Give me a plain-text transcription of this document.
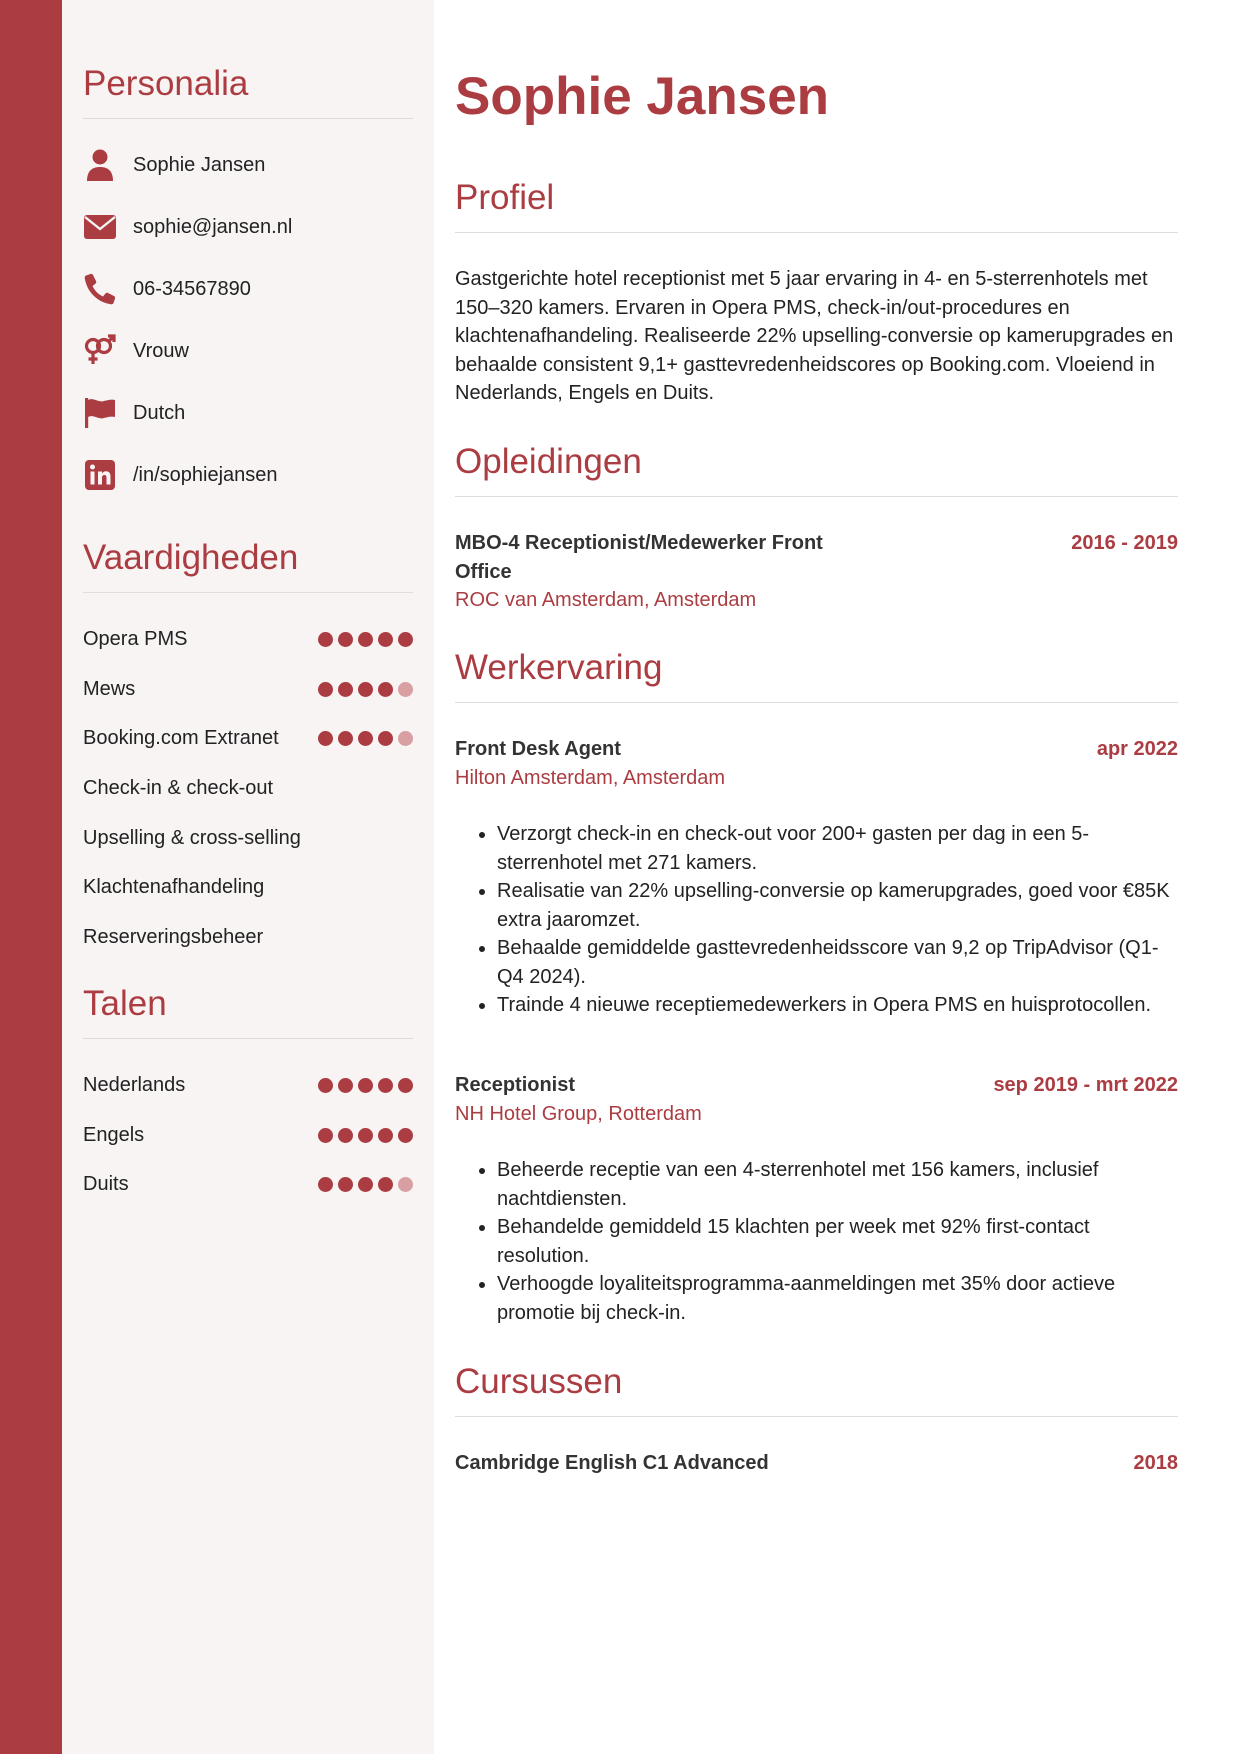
Personalia
Sophie Jansen
sophie@jansen.nl
06-34567890
Vrouw
Dutch
/in/sophiejansen
Vaardigheden
Opera PMS
Mews
Booking.com Extranet
Check-in & check-out
Upselling & cross-selling
Klachtenafhandeling
Reserveringsbeheer
Talen
Nederlands
Engels
Duits
Sophie Jansen
Profiel

Gastgerichte hotel receptionist met 5 jaar ervaring in 4- en 5-sterrenhotels met 150–320 kamers. Ervaren in Opera PMS, check-in/out-procedures en klachtenafhandeling. Realiseerde 22% upselling-conversie op kamerupgrades en behaalde consistent 9,1+ gasttevredenheidscores op Booking.com. Vloeiend in Nederlands, Engels en Duits.

Opleidingen
MBO-4 Receptionist/Medewerker Front Office
2016 - 2019
ROC van Amsterdam, Amsterdam
Werkervaring
Front Desk Agent	apr 2022
Hilton Amsterdam, Amsterdam
• Verzorgt check-in en check-out voor 200+ gasten per dag in een 5-sterrenhotel met 271 kamers.
• Realisatie van 22% upselling-conversie op kamerupgrades, goed voor €85K extra jaaromzet.
• Behaalde gemiddelde gasttevredenheidsscore van 9,2 op TripAdvisor (Q1-Q4 2024).
• Trainde 4 nieuwe receptiemedewerkers in Opera PMS en huisprotocollen.
Receptionist	sep 2019 - mrt 2022
NH Hotel Group, Rotterdam
• Beheerde receptie van een 4-sterrenhotel met 156 kamers, inclusief nachtdiensten.
• Behandelde gemiddeld 15 klachten per week met 92% first-contact resolution.
• Verhoogde loyaliteitsprogramma-aanmeldingen met 35% door actieve promotie bij check-in.
Cursussen
Cambridge English C1 Advanced	2018
